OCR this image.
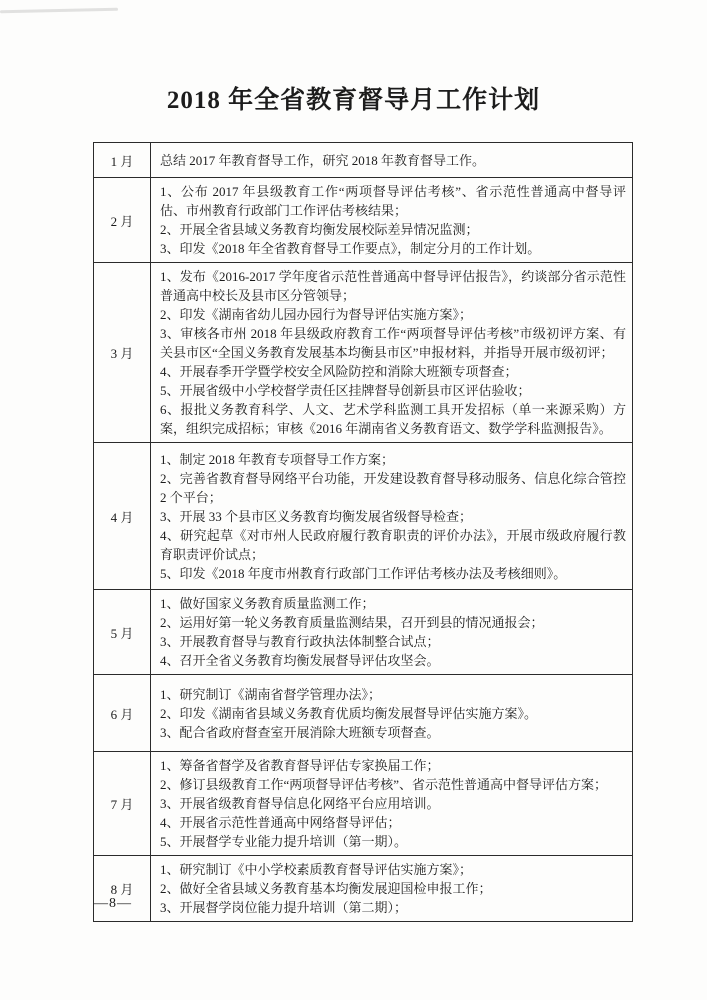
2018 年全省教育督导月工作计划
1 月	总结 2017 年教育督导工作，研究 2018 年教育督导工作。

2 月	1、公布 2017 年县级教育工作“两项督导评估考核”、省示范性普通高中督导评估、市州教育行政部门工作评估考核结果；
2、开展全省县域义务教育均衡发展校际差异情况监测；
3、印发《2018 年全省教育督导工作要点》，制定分月的工作计划。

3 月	
1、发布《2016-2017 学年度省示范性普通高中督导评估报告》，约谈部分省示范性普通高中校长及县市区分管领导；
2、印发《湖南省幼儿园办园行为督导评估实施方案》；
3、审核各市州 2018 年县级政府教育工作“两项督导评估考核”市级初评方案、有关县市区“全国义务教育发展基本均衡县市区”申报材料，并指导开展市级初评；
4、开展春季开学暨学校安全风险防控和消除大班额专项督查；
5、开展省级中小学校督学责任区挂牌督导创新县市区评估验收；
6、报批义务教育科学、人文、艺术学科监测工具开发招标（单一来源采购）方案，组织完成招标；审核《2016 年湖南省义务教育语文、数学学科监测报告》。

4 月	1、制定 2018 年教育专项督导工作方案；
2、完善省教育督导网络平台功能，开发建设教育督导移动服务、信息化综合管控 2 个平台；
3、开展 33 个县市区义务教育均衡发展省级督导检查；
4、研究起草《对市州人民政府履行教育职责的评价办法》，开展市级政府履行教育职责评价试点；
5、印发《2018 年度市州教育行政部门工作评估考核办法及考核细则》。

5 月	1、做好国家义务教育质量监测工作；
2、运用好第一轮义务教育质量监测结果，召开到县的情况通报会；
3、开展教育督导与教育行政执法体制整合试点；
4、召开全省义务教育均衡发展督导评估攻坚会。

6 月	1、研究制订《湖南省督学管理办法》；
2、印发《湖南省县域义务教育优质均衡发展督导评估实施方案》。
3、配合省政府督查室开展消除大班额专项督查。

7 月	1、筹备省督学及省教育督导评估专家换届工作；
2、修订县级教育工作“两项督导评估考核”、省示范性普通高中督导评估方案；
3、开展省级教育督导信息化网络平台应用培训。
4、开展省示范性普通高中网络督导评估；
5、开展督学专业能力提升培训（第一期）。

8 月	1、研究制订《中小学校素质教育督导评估实施方案》；
2、做好全省县域义务教育基本均衡发展迎国检申报工作；
3、开展督学岗位能力提升培训（第二期）；
—8—
